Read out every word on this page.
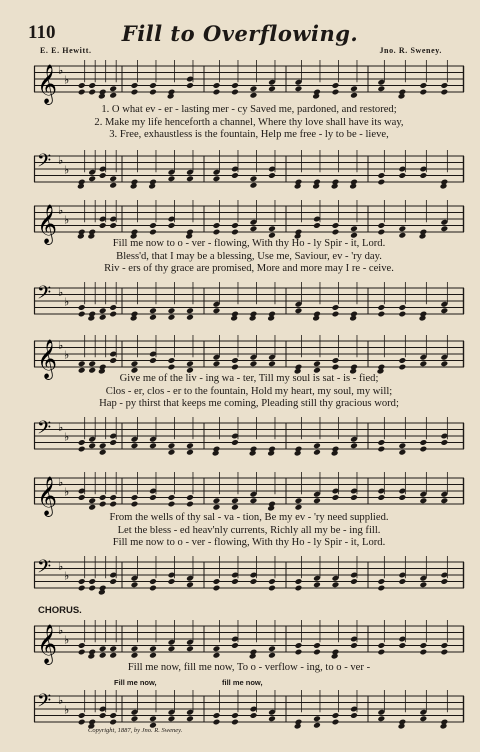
110	Fill to Overflowing.
E. E. Hewitt.	Jno. R. Sweney.
𝄞 ♭
♭
1. O what ev - er - lasting mer - cy Saved me, pardoned, and restored;
2. Make my life henceforth a channel, Where thy love shall have its way,
3. Free, exhaustless is the fountain, Help me free - ly to be - lieve,
𝄢 ♭
♭
𝄞 ♭
♭
Fill me now to o - ver - flowing, With thy Ho - ly Spir - it, Lord.
Bless'd, that I may be a blessing, Use me, Saviour, ev - 'ry day.
Riv - ers of thy grace are promised, More and more may I re - ceive.
𝄢 ♭
♭
𝄞 ♭
♭
Give me of the liv - ing wa - ter, Till my soul is sat - is - fied;
Clos - er, clos - er to the fountain, Hold my heart, my soul, my will;
Hap - py thirst that keeps me coming, Pleading still thy gracious word;
𝄢 ♭
♭
𝄞 ♭
♭
From the wells of thy sal - va - tion, Be my ev - 'ry need supplied.
Let the bless - ed heav'nly currents, Richly all my be - ing fill.
Fill me now to o - ver - flowing, With thy Ho - ly Spir - it, Lord.
𝄢 ♭
♭
CHORUS.
𝄞 ♭
♭
Fill me now, fill me now, To o - verflow - ing, to o - ver -
𝄢 ♭
♭
Fill me now,	fill me now,
Copyright, 1887, by Jno. R. Sweney.
